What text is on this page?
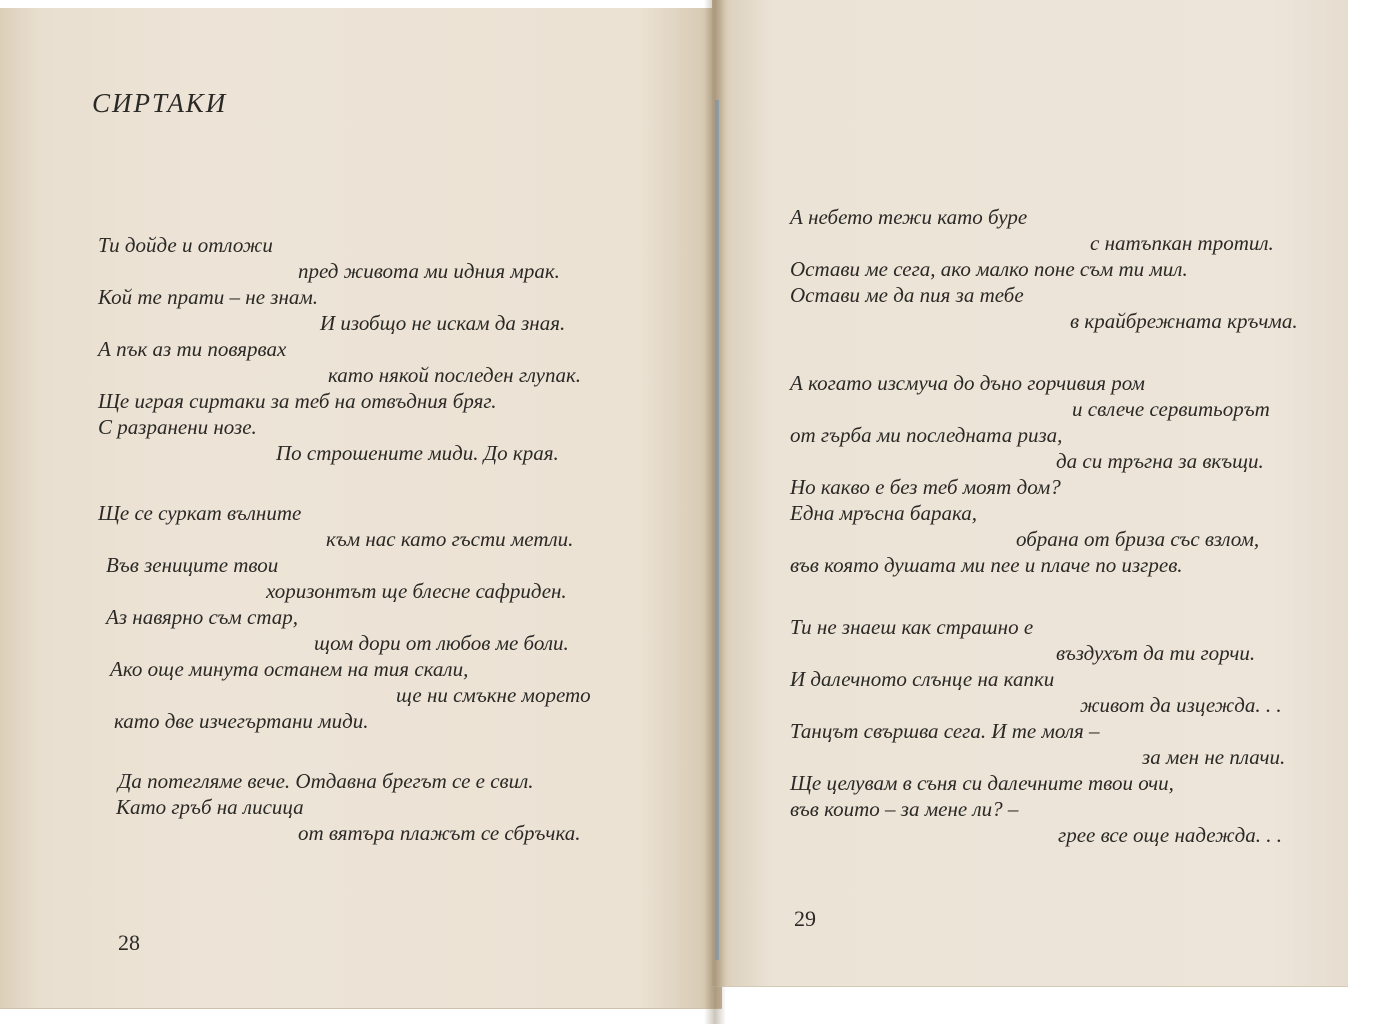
СИРТАКИ
Ти дойде и отложи
пред живота ми идния мрак.
Кой те прати – не знам.
И изобщо не искам да зная.
А пък аз ти повярвах
като някой последен глупак.
Ще играя сиртаки за теб на отвъдния бряг.
С разранени нозе.
По строшените миди. До края.
Ще се суркат вълните
към нас като гъсти метли.
Във зениците твои
хоризонтът ще блесне сафриден.
Аз навярно съм стар,
щом дори от любов ме боли.
Ако още минута останем на тия скали,
ще ни смъкне морето
като две изчегъртани миди.
Да потегляме вече. Отдавна брегът се е свил.
Като гръб на лисица
от вятъра плажът се сбръчка.
28
А небето тежи като буре
с натъпкан тротил.
Остави ме сега, ако малко поне съм ти мил.
Остави ме да пия за тебе
в крайбрежната кръчма.
А когато изсмуча до дъно горчивия ром
и свлече сервитьорът
от гърба ми последната риза,
да си тръгна за вкъщи.
Но какво е без теб моят дом?
Една мръсна барака,
обрана от бриза със взлом,
във която душата ми пее и плаче по изгрев.
Ти не знаеш как страшно е
въздухът да ти горчи.
И далечното слънце на капки
живот да изцежда. . .
Танцът свършва сега. И те моля –
за мен не плачи.
Ще целувам в съня си далечните твои очи,
във които – за мене ли? –
грее все още надежда. . .
29
